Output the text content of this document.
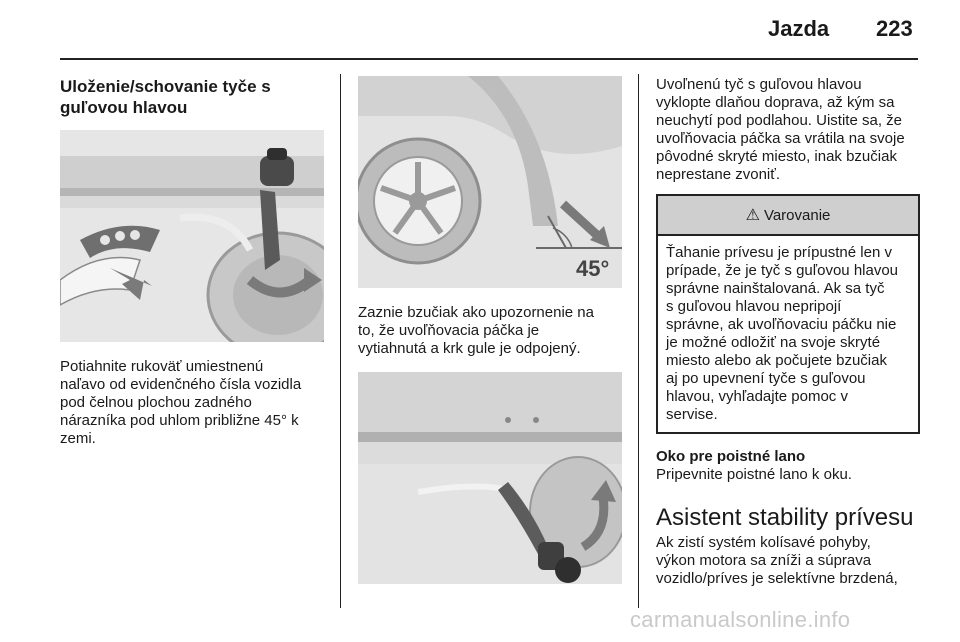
Jazda 223
Uloženie/schovanie tyče s
guľovou hlavou
Potiahnite rukoväť umiestnenú
naľavo od evidenčného čísla vozidla
pod čelnou plochou zadného
nárazníka pod uhlom približne 45° k
zemi.
45°
Zaznie bzučiak ako upozornenie na
to, že uvoľňovacia páčka je
vytiahnutá a krk gule je odpojený.
Uvoľnenú tyč s guľovou hlavou
vyklopte dlaňou doprava, až kým sa
neuchytí pod podlahou. Uistite sa, že
uvoľňovacia páčka sa vrátila na svoje
pôvodné skryté miesto, inak bzučiak
neprestane zvoniť.
⚠ Varovanie
Ťahanie prívesu je prípustné len v
prípade, že je tyč s guľovou hlavou
správne nainštalovaná. Ak sa tyč
s guľovou hlavou nepripojí
správne, ak uvoľňovaciu páčku nie
je možné odložiť na svoje skryté
miesto alebo ak počujete bzučiak
aj po upevnení tyče s guľovou
hlavou, vyhľadajte pomoc v
servise.
Oko pre poistné lano
Pripevnite poistné lano k oku.
Asistent stability prívesu
Ak zistí systém kolísavé pohyby,
výkon motora sa zníži a súprava
vozidlo/príves je selektívne brzdená,
carmanualsonline.info
